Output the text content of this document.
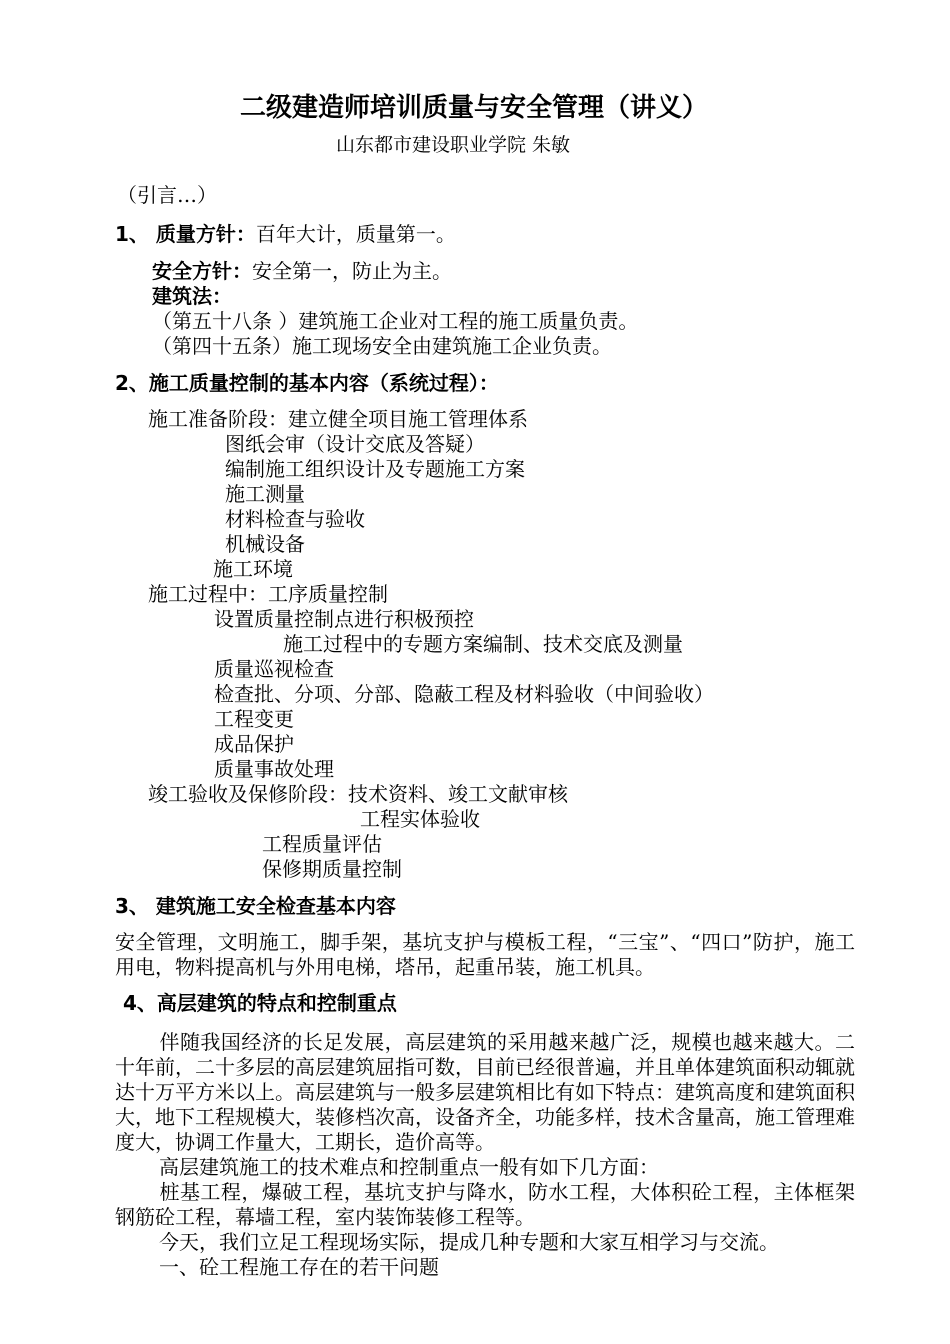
二级建造师培训质量与安全管理（讲义）
山东都市建设职业学院 朱敏
（引言…）
1、 质量方针：百年大计，质量第一。
安全方针：安全第一，防止为主。
建筑法：
（第五十八条 ）建筑施工企业对工程的施工质量负责。
（第四十五条）施工现场安全由建筑施工企业负责。
2、施工质量控制的基本内容（系统过程）：
施工准备阶段：建立健全项目施工管理体系
图纸会审（设计交底及答疑）
编制施工组织设计及专题施工方案
施工测量
材料检查与验收
机械设备
施工环境
施工过程中：工序质量控制
设置质量控制点进行积极预控
施工过程中的专题方案编制、技术交底及测量
质量巡视检查
检查批、分项、分部、隐蔽工程及材料验收（中间验收）
工程变更
成品保护
质量事故处理
竣工验收及保修阶段：技术资料、竣工文献审核
工程实体验收
工程质量评估
保修期质量控制
3、 建筑施工安全检查基本内容
安全管理，文明施工，脚手架，基坑支护与模板工程，“三宝”、“四口”防护，施工用电，物料提高机与外用电梯，塔吊，起重吊装，施工机具。
4、高层建筑的特点和控制重点
伴随我国经济的长足发展，高层建筑的采用越来越广泛，规模也越来越大。二十年前，二十多层的高层建筑屈指可数，目前已经很普遍，并且单体建筑面积动辄就达十万平方米以上。高层建筑与一般多层建筑相比有如下特点：建筑高度和建筑面积大，地下工程规模大，装修档次高，设备齐全，功能多样，技术含量高，施工管理难度大，协调工作量大，工期长，造价高等。
高层建筑施工的技术难点和控制重点一般有如下几方面：
桩基工程，爆破工程，基坑支护与降水，防水工程，大体积砼工程，主体框架钢筋砼工程，幕墙工程，室内装饰装修工程等。
今天，我们立足工程现场实际，提成几种专题和大家互相学习与交流。
一、砼工程施工存在的若干问题
